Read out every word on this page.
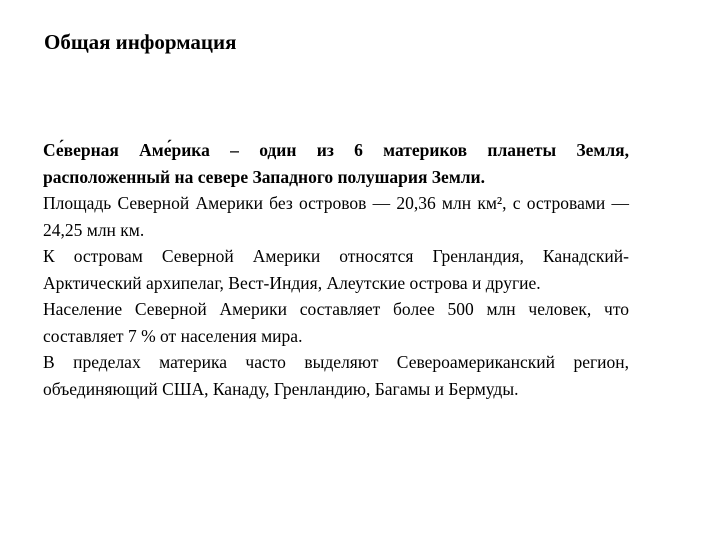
Общая информация

Се́верная Аме́рика – один из 6 материков планеты Земля, расположенный на севере Западного полушария Земли.

Площадь Северной Америки без островов — 20,36 млн км², с островами — 24,25 млн км.

К островам Северной Америки относятся Гренландия, Канадский-Арктический архипелаг, Вест-Индия, Алеутские острова и другие.

Население Северной Америки составляет более 500 млн человек, что составляет 7 % от населения мира.

В пределах материка часто выделяют Североамериканский регион, объединяющий США, Канаду, Гренландию, Багамы и Бермуды.
